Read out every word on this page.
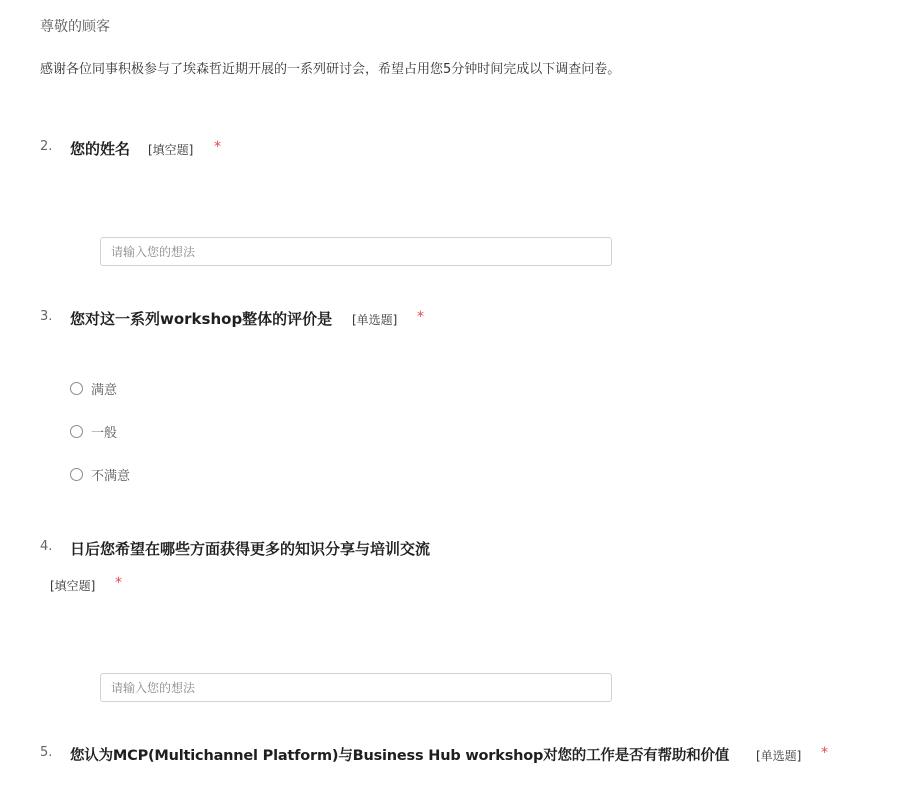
尊敬的顾客
感谢各位同事积极参与了埃森哲近期开展的一系列研讨会，希望占用您5分钟时间完成以下调查问卷。
2. 您的姓名 [填空题] *
请输入您的想法
3. 您对这一系列workshop整体的评价是 [单选题] *
满意
一般
不满意
4. 日后您希望在哪些方面获得更多的知识分享与培训交流
[填空题] *
请输入您的想法
5. 您认为MCP(Multichannel Platform)与Business Hub workshop对您的工作是否有帮助和价值 [单选题] *
